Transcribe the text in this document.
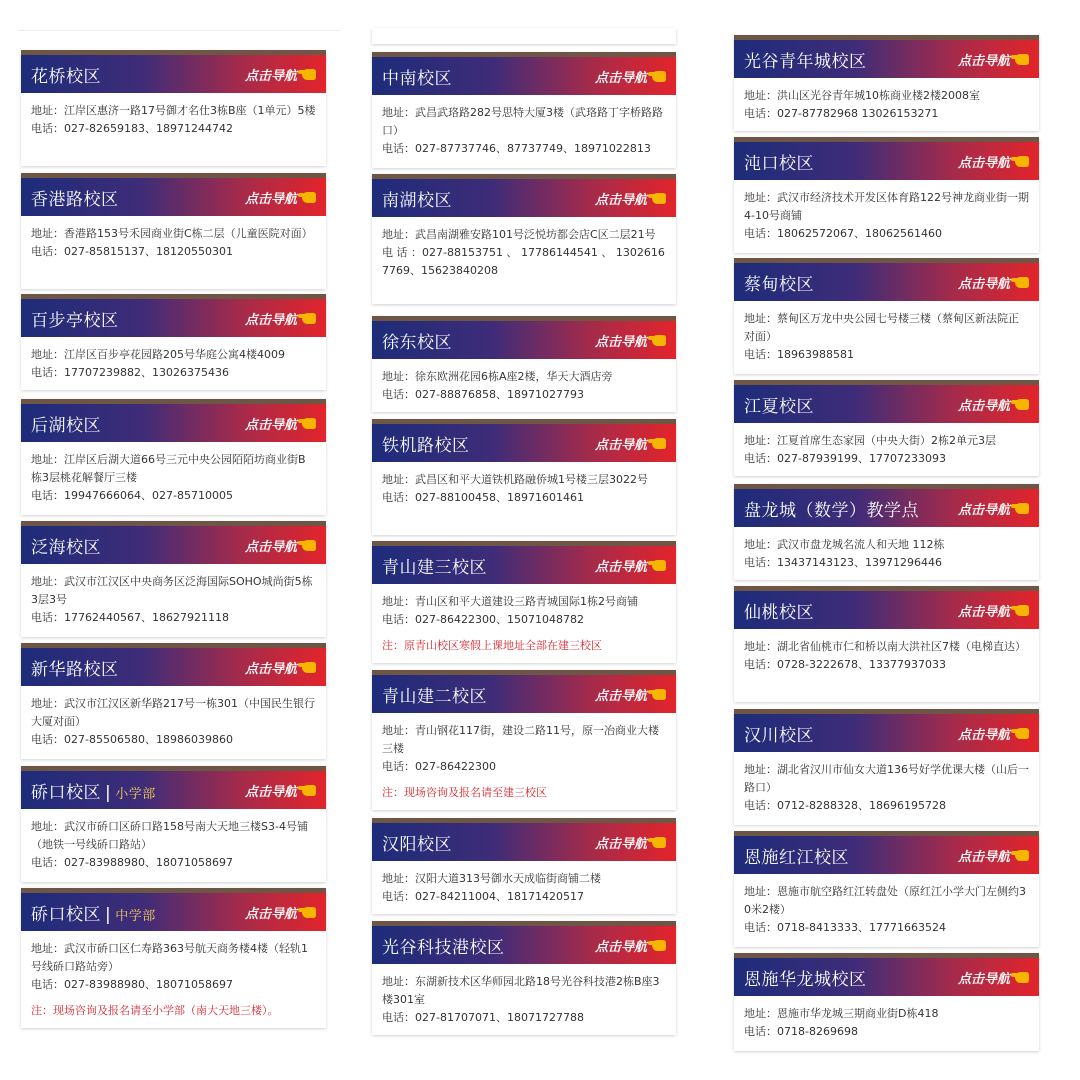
花桥校区	点击导航

地址：江岸区惠济一路17号御才名仕3栋B座（1单元）5楼

电话：027-82659183、18971244742

香港路校区	点击导航

地址：香港路153号禾园商业街C栋二层（儿童医院对面）

电话：027-85815137、18120550301

百步亭校区	点击导航

地址：江岸区百步亭花园路205号华庭公寓4楼4009

电话：17707239882、13026375436

后湖校区	点击导航

地址：江岸区后湖大道66号三元中央公园陌陌坊商业街B栋3层桃花解餐厅三楼

电话：19947666064、027-85710005

泛海校区	点击导航

地址：武汉市江汉区中央商务区泛海国际SOHO城尚街5栋3层3号

电话：17762440567、18627921118

新华路校区	点击导航

地址：武汉市江汉区新华路217号一栋301（中国民生银行大厦对面）

电话：027-85506580、18986039860

硚口校区 | 小学部	点击导航

地址：武汉市硚口区硚口路158号南大天地三楼S3-4号铺（地铁一号线硚口路站）

电话：027-83988980、18071058697

硚口校区 | 中学部	点击导航

地址：武汉市硚口区仁寿路363号航天商务楼4楼（轻轨1号线硚口路站旁）

电话：027-83988980、18071058697

注：现场咨询及报名请至小学部（南大天地三楼）。

中南校区	点击导航

地址：武昌武珞路282号思特大厦3楼（武珞路丁字桥路路口）

电话：027-87737746、87737749、18971022813

南湖校区	点击导航

地址：武昌南湖雅安路101号泛悦坊都会店C区二层21号

电 话 ：027-88153751 、 17786144541 、 13026167769、15623840208

徐东校区	点击导航

地址：徐东欧洲花园6栋A座2楼，华天大酒店旁

电话：027-88876858、18971027793

铁机路校区	点击导航

地址：武昌区和平大道铁机路融侨城1号楼三层3022号

电话：027-88100458、18971601461

青山建三校区	点击导航

地址：青山区和平大道建设三路青城国际1栋2号商铺

电话：027-86422300、15071048782

注：原青山校区寒假上课地址全部在建三校区

青山建二校区	点击导航

地址：青山钢花117街，建设二路11号，原一冶商业大楼三楼

电话：027-86422300

注：现场咨询及报名请至建三校区

汉阳校区	点击导航

地址：汉阳大道313号御水天成临街商铺二楼

电话：027-84211004、18171420517

光谷科技港校区	点击导航

地址：东湖新技术区华师园北路18号光谷科技港2栋B座3楼301室

电话：027-81707071、18071727788

光谷青年城校区	点击导航

地址：洪山区光谷青年城10栋商业楼2楼2008室

电话：027-87782968 13026153271

沌口校区	点击导航

地址：武汉市经济技术开发区体育路122号神龙商业街一期4-10号商铺

电话：18062572067、18062561460

蔡甸校区	点击导航

地址：蔡甸区万龙中央公园七号楼三楼（蔡甸区新法院正对面）

电话：18963988581

江夏校区	点击导航

地址：江夏首席生态家园（中央大街）2栋2单元3层

电话：027-87939199、17707233093

盘龙城（数学）教学点	点击导航

地址：武汉市盘龙城名流人和天地 112栋

电话：13437143123、13971296446

仙桃校区	点击导航

地址：湖北省仙桃市仁和桥以南大洪社区7楼（电梯直达）

电话：0728-3222678、13377937033

汉川校区	点击导航

地址：湖北省汉川市仙女大道136号好学优课大楼（山后一路口）

电话：0712-8288328、18696195728

恩施红江校区	点击导航

地址：恩施市航空路红江转盘处（原红江小学大门左侧约30米2楼）

电话：0718-8413333、17771663524

恩施华龙城校区	点击导航

地址：恩施市华龙城三期商业街D栋418

电话：0718-8269698
